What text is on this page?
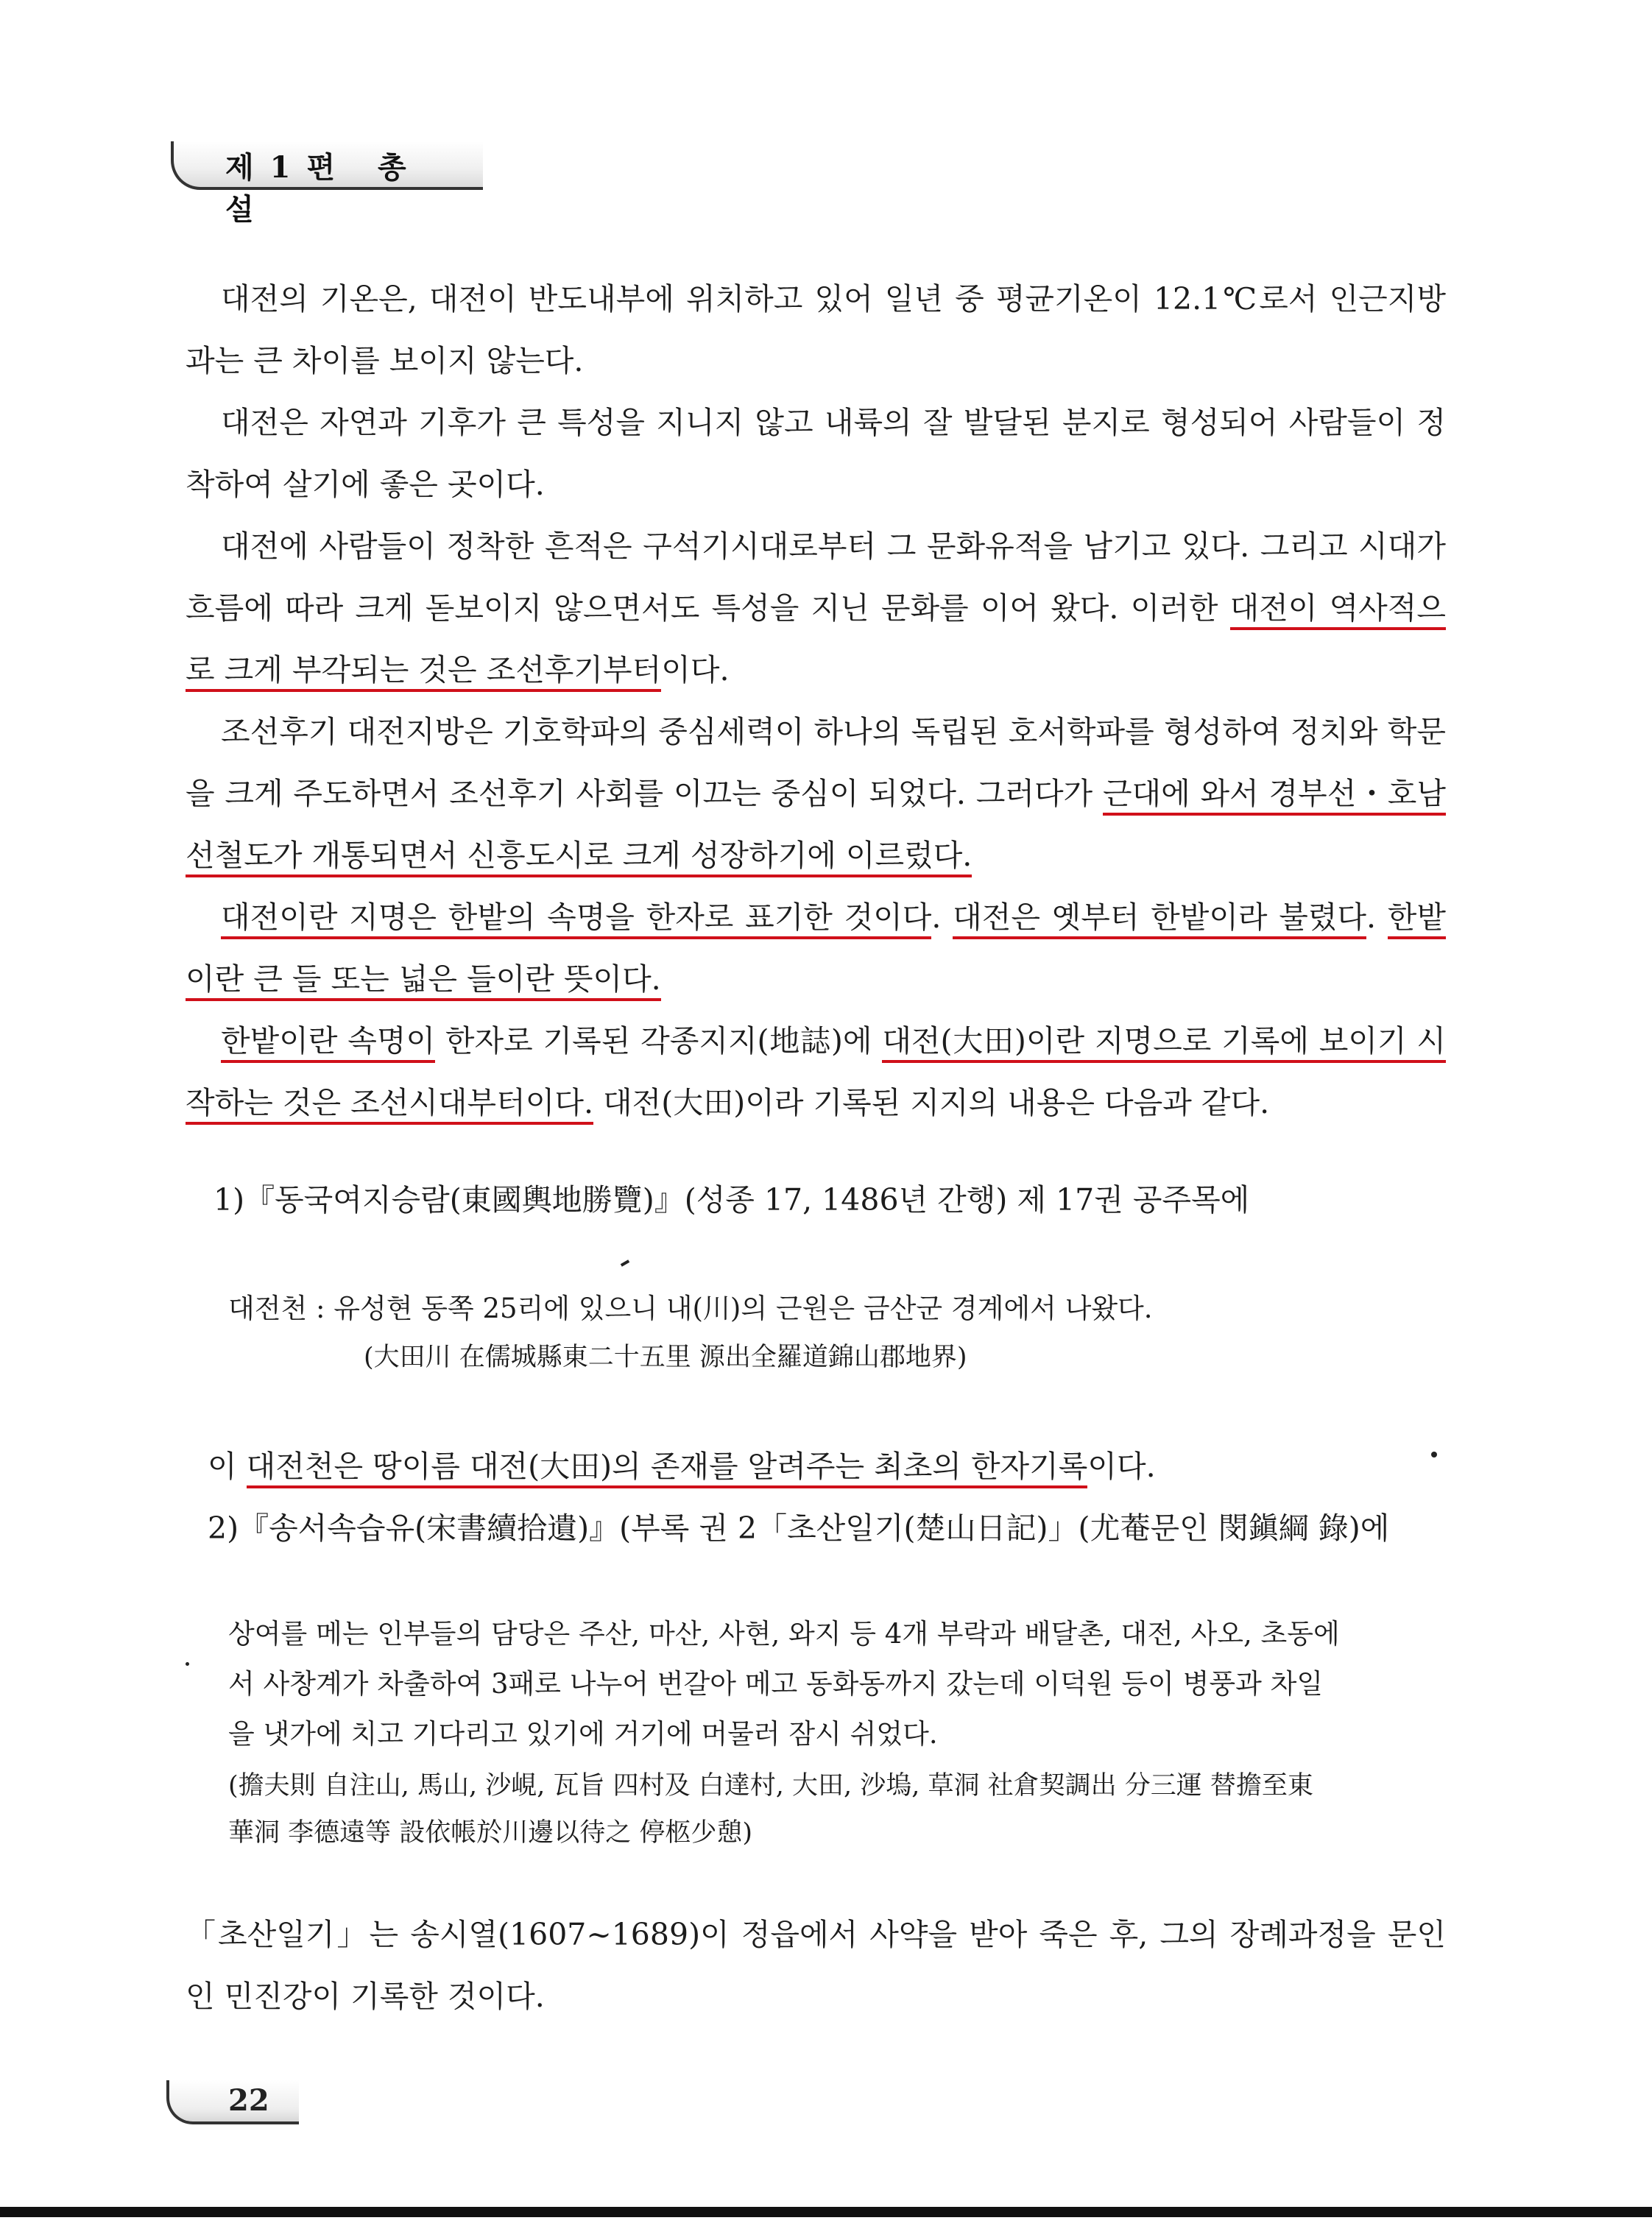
제1편 총 설

대전의 기온은, 대전이 반도내부에 위치하고 있어 일년 중 평균기온이 12.1℃로서 인근지방과는 큰 차이를 보이지 않는다.

대전은 자연과 기후가 큰 특성을 지니지 않고 내륙의 잘 발달된 분지로 형성되어 사람들이 정착하여 살기에 좋은 곳이다.

대전에 사람들이 정착한 흔적은 구석기시대로부터 그 문화유적을 남기고 있다. 그리고 시대가 흐름에 따라 크게 돋보이지 않으면서도 특성을 지닌 문화를 이어 왔다. 이러한 대전이 역사적으로 크게 부각되는 것은 조선후기부터이다.

조선후기 대전지방은 기호학파의 중심세력이 하나의 독립된 호서학파를 형성하여 정치와 학문을 크게 주도하면서 조선후기 사회를 이끄는 중심이 되었다. 그러다가 근대에 와서 경부선・호남선철도가 개통되면서 신흥도시로 크게 성장하기에 이르렀다.

대전이란 지명은 한밭의 속명을 한자로 표기한 것이다. 대전은 옛부터 한밭이라 불렸다. 한밭이란 큰 들 또는 넓은 들이란 뜻이다.

한밭이란 속명이 한자로 기록된 각종지지(地誌)에 대전(大田)이란 지명으로 기록에 보이기 시작하는 것은 조선시대부터이다. 대전(大田)이라 기록된 지지의 내용은 다음과 같다.

1)『동국여지승람(東國輿地勝覽)』(성종 17, 1486년 간행) 제 17권 공주목에

대전천 : 유성현 동쪽 25리에 있으니 내(川)의 근원은 금산군 경계에서 나왔다.

(大田川 在儒城縣東二十五里 源出全羅道錦山郡地界)

이 대전천은 땅이름 대전(大田)의 존재를 알려주는 최초의 한자기록이다.

2)『송서속습유(宋書續拾遺)』(부록 권 2「초산일기(楚山日記)」(尤菴문인 閔鎭綱 錄)에

상여를 메는 인부들의 담당은 주산, 마산, 사현, 와지 등 4개 부락과 배달촌, 대전, 사오, 초동에

서 사창계가 차출하여 3패로 나누어 번갈아 메고 동화동까지 갔는데 이덕원 등이 병풍과 차일

을 냇가에 치고 기다리고 있기에 거기에 머물러 잠시 쉬었다.

(擔夫則 自注山, 馬山, 沙峴, 瓦旨 四村及 白達村, 大田, 沙塢, 草洞 社倉契調出 分三運 替擔至東

華洞 李德遠等 設依帳於川邊以待之 停柩少憩)

「초산일기」는 송시열(1607∼1689)이 정읍에서 사약을 받아 죽은 후, 그의 장례과정을 문인인 민진강이 기록한 것이다.

22
